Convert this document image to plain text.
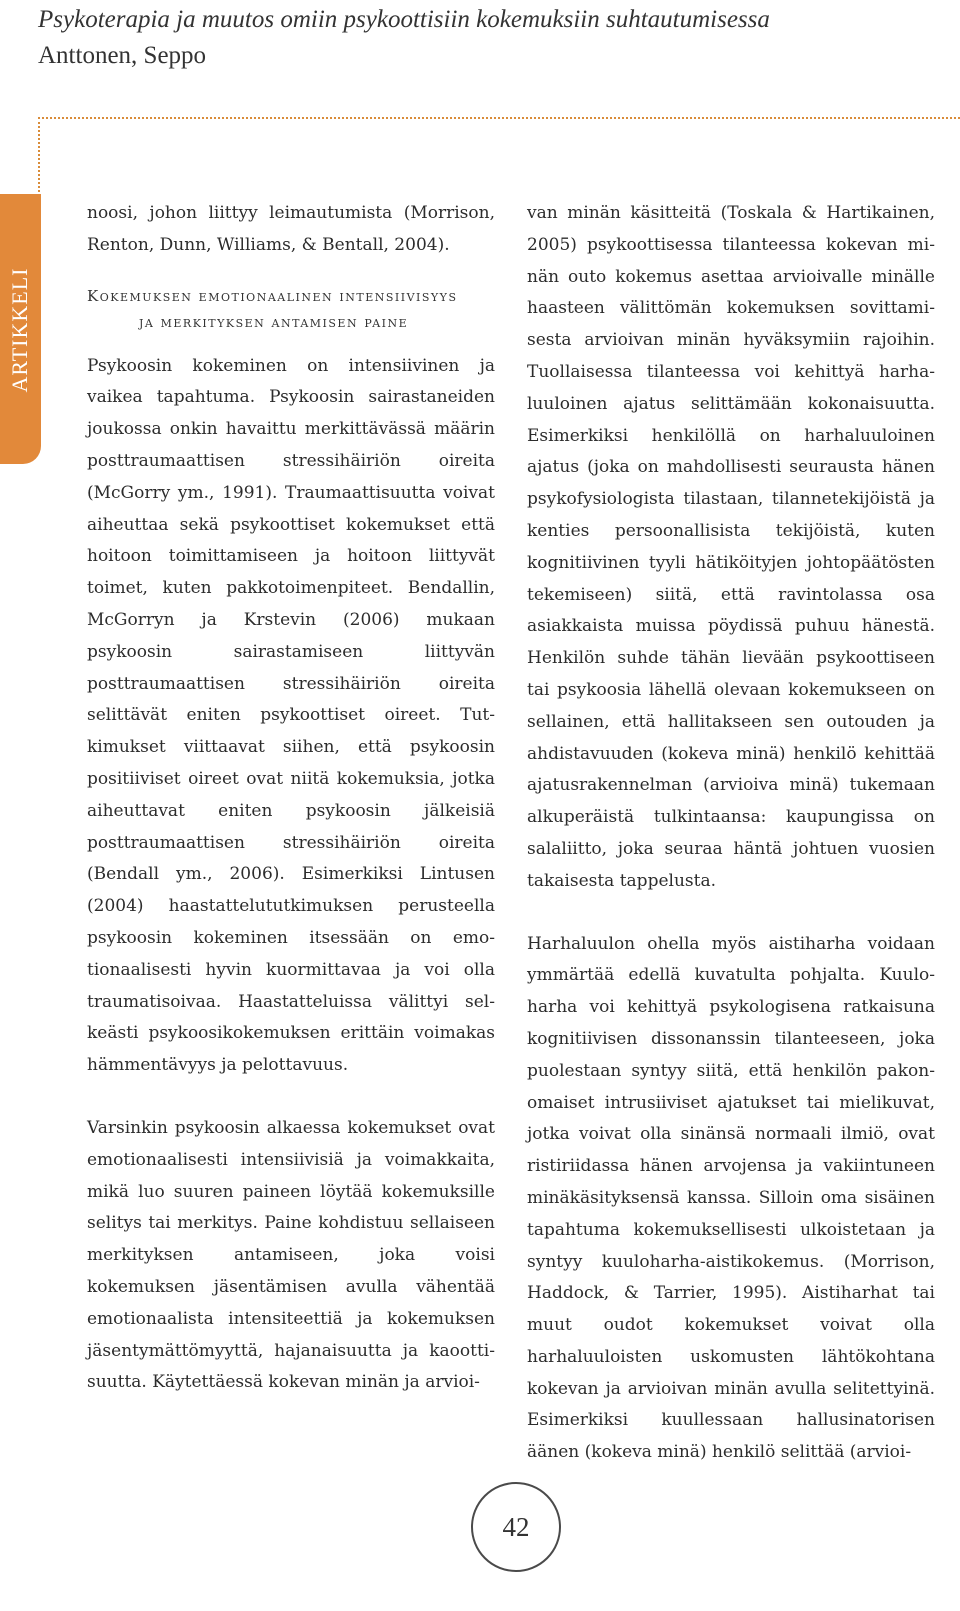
Psykoterapia ja muutos omiin psykoottisiin kokemuksiin suhtautumisessa
Anttonen, Seppo
ARTIKKELI

noosi, johon liittyy leimautumista (Morrison, Renton, Dunn, Williams, & Bentall, 2004).

Kokemuksen emotionaalinen intensiivisyys
ja merkityksen antamisen paine

Psykoosin kokeminen on intensiivinen ja vaikea tapahtuma. Psykoosin sairastaneiden joukossa onkin havaittu merkittävässä määrin posttraumaattisen stressihäiriön oireita (McGorry ym., 1991). Traumaattisuutta voivat aiheuttaa sekä psykoottiset kokemukset että hoitoon toimittamiseen ja hoitoon liittyvät toimet, kuten pakkotoimenpiteet. Bendallin, McGorryn ja Krstevin (2006) mukaan psykoosin sairastamiseen liittyvän posttraumaattisen stressihäiriön oireita selittävät eniten psykoottiset oireet. Tutkimukset viittaavat siihen, että psykoosin positiiviset oireet ovat niitä kokemuksia, jotka aiheuttavat eniten psykoosin jälkeisiä posttraumaattisen stressihäiriön oireita (Bendall ym., 2006). Esimerkiksi Lintusen (2004) haastattelututkimuksen perusteella psykoosin kokeminen itsessään on emotionaalisesti hyvin kuormittavaa ja voi olla traumatisoivaa. Haastatteluissa välittyi selkeästi psykoosikokemuksen erittäin voimakas hämmentävyys ja pelottavuus.

Varsinkin psykoosin alkaessa kokemukset ovat emotionaalisesti intensiivisiä ja voimakkaita, mikä luo suuren paineen löytää kokemuksille selitys tai merkitys. Paine kohdistuu sellaiseen merkityksen antamiseen, joka voisi kokemuksen jäsentämisen avulla vähentää emotionaalista intensiteettiä ja kokemuksen jäsentymättömyyttä, hajanaisuutta ja kaoottisuutta. Käytettäessä kokevan minän ja arvioi-

van minän käsitteitä (Toskala & Hartikainen, 2005) psykoottisessa tilanteessa kokevan minän outo kokemus asettaa arvioivalle minälle haasteen välittömän kokemuksen sovittamisesta arvioivan minän hyväksymiin rajoihin. Tuollaisessa tilanteessa voi kehittyä harhaluuloinen ajatus selittämään kokonaisuutta. Esimerkiksi henkilöllä on harhaluuloinen ajatus (joka on mahdollisesti seurausta hänen psykofysiologista tilastaan, tilannetekijöistä ja kenties persoonallisista tekijöistä, kuten kognitiivinen tyyli hätiköityjen johtopäätösten tekemiseen) siitä, että ravintolassa osa asiakkaista muissa pöydissä puhuu hänestä. Henkilön suhde tähän lievään psykoottiseen tai psykoosia lähellä olevaan kokemukseen on sellainen, että hallitakseen sen outouden ja ahdistavuuden (kokeva minä) henkilö kehittää ajatusrakennelman (arvioiva minä) tukemaan alkuperäistä tulkintaansa: kaupungissa on salaliitto, joka seuraa häntä johtuen vuosien takaisesta tappelusta.

Harhaluulon ohella myös aistiharha voidaan ymmärtää edellä kuvatulta pohjalta. Kuuloharha voi kehittyä psykologisena ratkaisuna kognitiivisen dissonanssin tilanteeseen, joka puolestaan syntyy siitä, että henkilön pakonomaiset intrusiiviset ajatukset tai mielikuvat, jotka voivat olla sinänsä normaali ilmiö, ovat ristiriidassa hänen arvojensa ja vakiintuneen minäkäsityksensä kanssa. Silloin oma sisäinen tapahtuma kokemuksellisesti ulkoistetaan ja syntyy kuuloharha-aistikokemus. (Morrison, Haddock, & Tarrier, 1995). Aistiharhat tai muut oudot kokemukset voivat olla harhaluuloisten uskomusten lähtökohtana kokevan ja arvioivan minän avulla selitettyinä. Esimerkiksi kuullessaan hallusinatorisen äänen (kokeva minä) henkilö selittää (arvioi-

42
